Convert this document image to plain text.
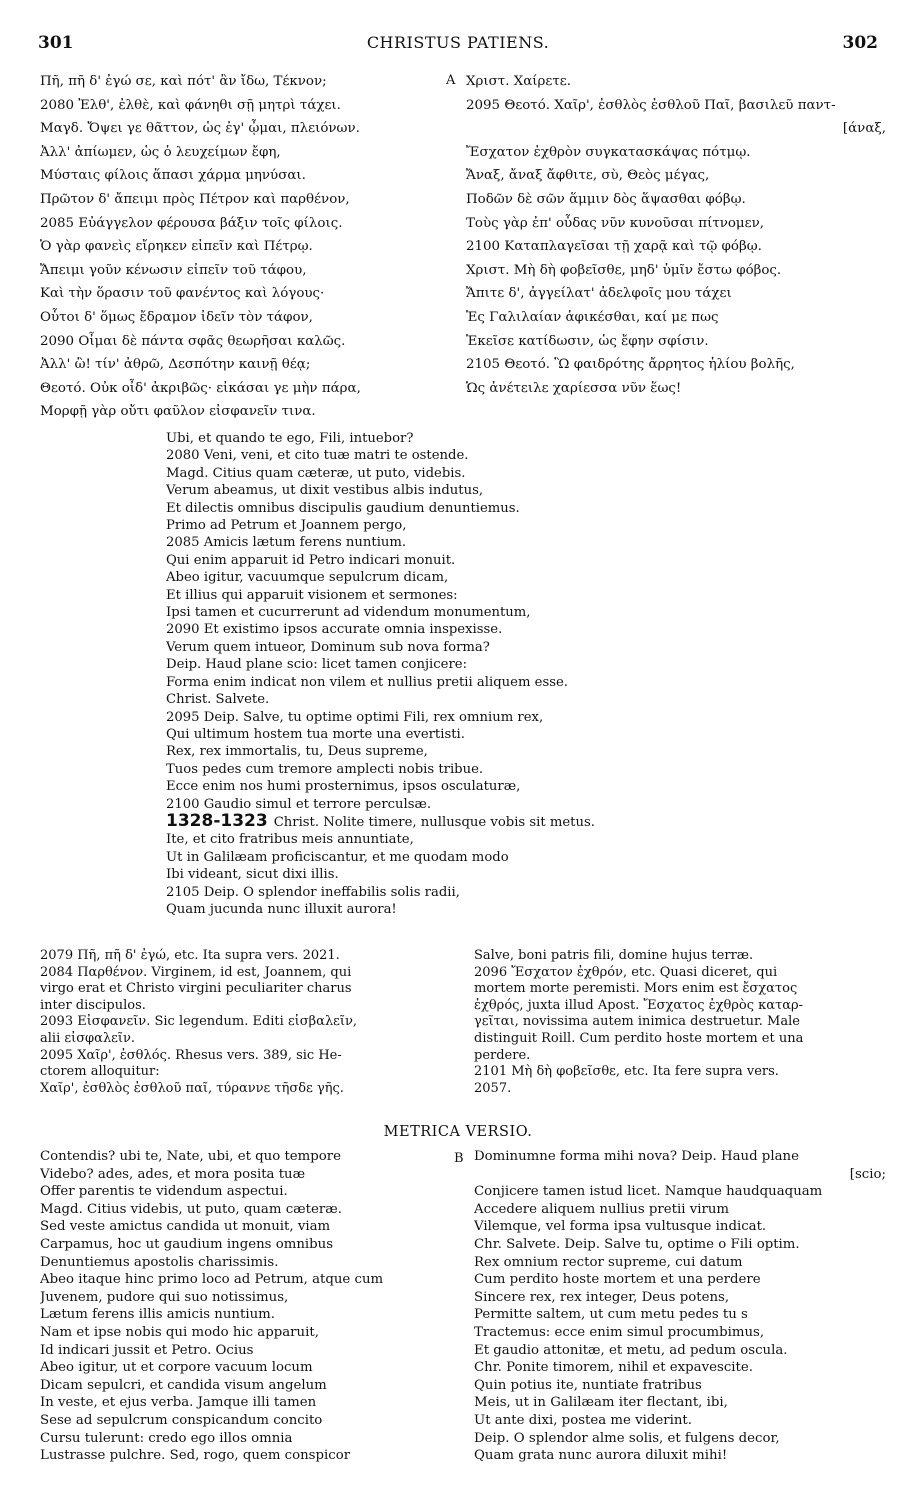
301	CHRISTUS PATIENS.	302
Πῆ, πῆ δ' ἐγώ σε, καὶ πότ' ἂν ἴδω, Τέκνον;
2080 Ἐλθ', ἐλθὲ, καὶ φάνηθι σῇ μητρὶ τάχει.
Μαγδ. Ὄψει γε θᾶττον, ὡς ἐγ' ᾦμαι, πλειόνων.
Ἀλλ' ἀπίωμεν, ὡς ὁ λευχείμων ἔφη,
Μύσταις φίλοις ἅπασι χάρμα μηνύσαι.
Πρῶτον δ' ἄπειμι πρὸς Πέτρον καὶ παρθένον,
2085 Εὐάγγελον φέρουσα βάξιν τοῖς φίλοις.
Ὁ γὰρ φανεὶς εἴρηκεν εἰπεῖν καὶ Πέτρῳ.
Ἄπειμι γοῦν κένωσιν εἰπεῖν τοῦ τάφου,
Καὶ τὴν ὅρασιν τοῦ φανέντος καὶ λόγους·
Οὗτοι δ' ὅμως ἔδραμον ἰδεῖν τὸν τάφον,
2090 Οἶμαι δὲ πάντα σφᾶς θεωρῆσαι καλῶς.
Ἀλλ' ὢ! τίν' ἀθρῶ, Δεσπότην καινῇ θέᾳ;
Θεοτό. Οὐκ οἶδ' ἀκριβῶς· εἰκάσαι γε μὴν πάρα,
Μορφῇ γὰρ οὔτι φαῦλον εἰσφανεῖν τινα.
A Χριστ. Χαίρετε.
2095 Θεοτό. Χαῖρ', ἐσθλὸς ἐσθλοῦ Παῖ, βασιλεῦ παντ-
[άναξ,
Ἔσχατον ἐχθρὸν συγκατασκάψας πότμῳ.
Ἄναξ, ἄναξ ἄφθιτε, σὺ, Θεὸς μέγας,
Ποδῶν δὲ σῶν ἅμμιν δὸς ἅψασθαι φόβῳ.
Τοὺς γὰρ ἐπ' οὖδας νῦν κυνοῦσαι πίτνομεν,
2100 Καταπλαγεῖσαι τῇ χαρᾷ καὶ τῷ φόβῳ.
Χριστ. Μὴ δὴ φοβεῖσθε, μηδ' ὑμῖν ἔστω φόβος.
Ἄπιτε δ', ἀγγείλατ' ἀδελφοῖς μου τάχει
Ἐς Γαλιλαίαν ἀφικέσθαι, καί με πως
Ἐκεῖσε κατίδωσιν, ὡς ἔφην σφίσιν.
2105 Θεοτό. Ὢ φαιδρότης ἄρρητος ἡλίου βολῆς,
Ὡς ἀνέτειλε χαρίεσσα νῦν ἕως!
Ubi, et quando te ego, Fili, intuebor?
2080 Veni, veni, et cito tuæ matri te ostende.
Magd. Citius quam cæteræ, ut puto, videbis.
Verum abeamus, ut dixit vestibus albis indutus,
Et dilectis omnibus discipulis gaudium denuntiemus.
Primo ad Petrum et Joannem pergo,
2085 Amicis lætum ferens nuntium.
Qui enim apparuit id Petro indicari monuit.
Abeo igitur, vacuumque sepulcrum dicam,
Et illius qui apparuit visionem et sermones:
Ipsi tamen et cucurrerunt ad videndum monumentum,
2090 Et existimo ipsos accurate omnia inspexisse.
Verum quem intueor, Dominum sub nova forma?
Deip. Haud plane scio: licet tamen conjicere:
Forma enim indicat non vilem et nullius pretii aliquem esse.
Christ. Salvete.
2095 Deip. Salve, tu optime optimi Fili, rex omnium rex,
Qui ultimum hostem tua morte una evertisti.
Rex, rex immortalis, tu, Deus supreme,
Tuos pedes cum tremore amplecti nobis tribue.
Ecce enim nos humi prosternimus, ipsos osculaturæ,
2100 Gaudio simul et terrore perculsæ.
1328-1323 Christ. Nolite timere, nullusque vobis sit metus.
Ite, et cito fratribus meis annuntiate,
Ut in Galilæam proficiscantur, et me quodam modo
Ibi videant, sicut dixi illis.
2105 Deip. O splendor ineffabilis solis radii,
Quam jucunda nunc illuxit aurora!
2079 Πῆ, πῆ δ' ἐγώ, etc. Ita supra vers. 2021.
2084 Παρθένον. Virginem, id est, Joannem, qui
virgo erat et Christo virgini peculiariter charus
inter discipulos.
2093 Εἰσφανεῖν. Sic legendum. Editi εἰσβαλεῖν,
alii εἰσφαλεῖν.
2095 Χαῖρ', ἐσθλός. Rhesus vers. 389, sic He-
ctorem alloquitur:
Χαῖρ', ἐσθλὸς ἐσθλοῦ παῖ, τύραννε τῆσδε γῆς.
Salve, boni patris fili, domine hujus terræ.
2096 Ἔσχατον ἐχθρόν, etc. Quasi diceret, qui
mortem morte peremisti. Mors enim est ἔσχατος
ἐχθρός, juxta illud Apost. Ἔσχατος ἐχθρὸς καταρ-
γεῖται, novissima autem inimica destruetur. Male
distinguit Roill. Cum perdito hoste mortem et una
perdere.
2101 Μὴ δὴ φοβεῖσθε, etc. Ita fere supra vers.
2057.
METRICA VERSIO.
Contendis? ubi te, Nate, ubi, et quo tempore
Videbo? ades, ades, et mora posita tuæ
Offer parentis te videndum aspectui.
Magd. Citius videbis, ut puto, quam cæteræ.
Sed veste amictus candida ut monuit, viam
Carpamus, hoc ut gaudium ingens omnibus
Denuntiemus apostolis charissimis.
Abeo itaque hinc primo loco ad Petrum, atque cum
Juvenem, pudore qui suo notissimus,
Lætum ferens illis amicis nuntium.
Nam et ipse nobis qui modo hic apparuit,
Id indicari jussit et Petro. Ocius
Abeo igitur, ut et corpore vacuum locum
Dicam sepulcri, et candida visum angelum
In veste, et ejus verba. Jamque illi tamen
Sese ad sepulcrum conspicandum concito
Cursu tulerunt: credo ego illos omnia
Lustrasse pulchre. Sed, rogo, quem conspicor
B Dominumne forma mihi nova? Deip. Haud plane
[scio;
Conjicere tamen istud licet. Namque haudquaquam
Accedere aliquem nullius pretii virum
Vilemque, vel forma ipsa vultusque indicat.
Chr. Salvete. Deip. Salve tu, optime o Fili optim.
Rex omnium rector supreme, cui datum
Cum perdito hoste mortem et una perdere
Sincere rex, rex integer, Deus potens,
Permitte saltem, ut cum metu pedes tu s
Tractemus: ecce enim simul procumbimus,
Et gaudio attonitæ, et metu, ad pedum oscula.
Chr. Ponite timorem, nihil et expavescite.
Quin potius ite, nuntiate fratribus
Meis, ut in Galilæam iter flectant, ibi,
Ut ante dixi, postea me viderint.
Deip. O splendor alme solis, et fulgens decor,
Quam grata nunc aurora diluxit mihi!
